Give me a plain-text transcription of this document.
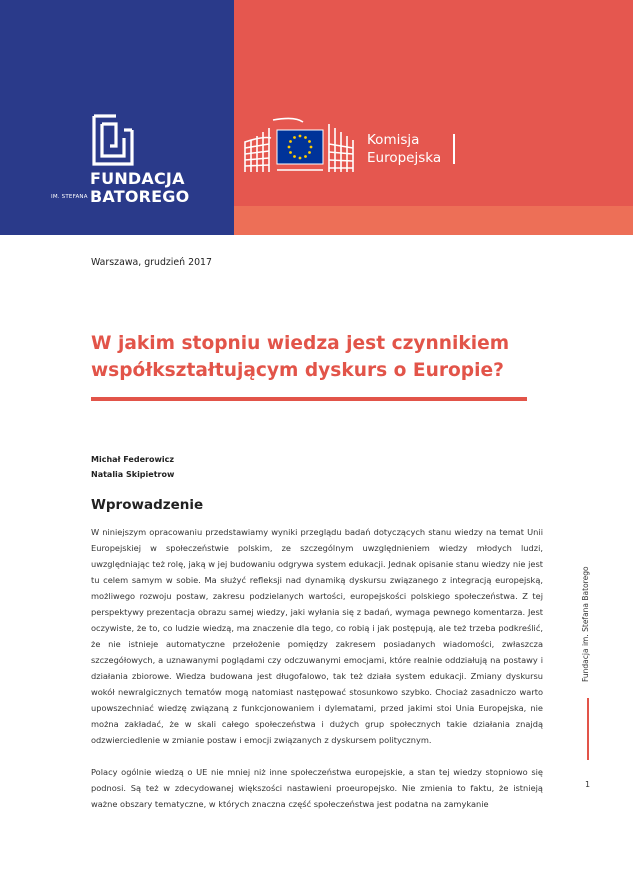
FUNDACJA
IM. STEFANA BATOREGO
Komisja
Europejska
Warszawa, grudzień 2017
W jakim stopniu wiedza jest czynnikiem współkształtującym dyskurs o Europie?
Michał Federowicz
Natalia Skipietrow
Wprowadzenie

W niniejszym opracowaniu przedstawiamy wyniki przeglądu badań dotyczących stanu wiedzy na temat Unii Europejskiej w społeczeństwie polskim, ze szczególnym uwzględnieniem wiedzy młodych ludzi, uwzględniając też rolę, jaką w jej budowaniu odgrywa system edukacji. Jednak opisanie stanu wiedzy nie jest tu celem samym w sobie. Ma służyć refleksji nad dynamiką dyskursu związanego z integracją europejską, możliwego rozwoju postaw, zakresu podzielanych wartości, europejskości polskiego społeczeństwa. Z tej perspektywy prezentacja obrazu samej wiedzy, jaki wyłania się z badań, wymaga pewnego komentarza. Jest oczywiste, że to, co ludzie wiedzą, ma znaczenie dla tego, co robią i jak postępują, ale też trzeba podkreślić, że nie istnieje automatyczne przełożenie pomiędzy zakresem posiadanych wiadomości, zwłaszcza szczegółowych, a uznawanymi poglądami czy odczuwanymi emocjami, które realnie oddziałują na postawy i działania zbiorowe. Wiedza budowana jest długofalowo, tak też działa system edukacji. Zmiany dyskursu wokół newralgicznych tematów mogą natomiast następować stosunkowo szybko. Chociaż zasadniczo warto upowszechniać wiedzę związaną z funkcjonowaniem i dylematami, przed jakimi stoi Unia Europejska, nie można zakładać, że w skali całego społeczeństwa i dużych grup społecznych takie działania znajdą odzwierciedlenie w zmianie postaw i emocji związanych z dyskursem politycznym.

Polacy ogólnie wiedzą o UE nie mniej niż inne społeczeństwa europejskie, a stan tej wiedzy stopniowo się podnosi. Są też w zdecydowanej większości nastawieni proeuropejsko. Nie zmienia to faktu, że istnieją ważne obszary tematyczne, w których znaczna część społeczeństwa jest podatna na zamykanie

Fundacja im. Stefana Batorego
1
